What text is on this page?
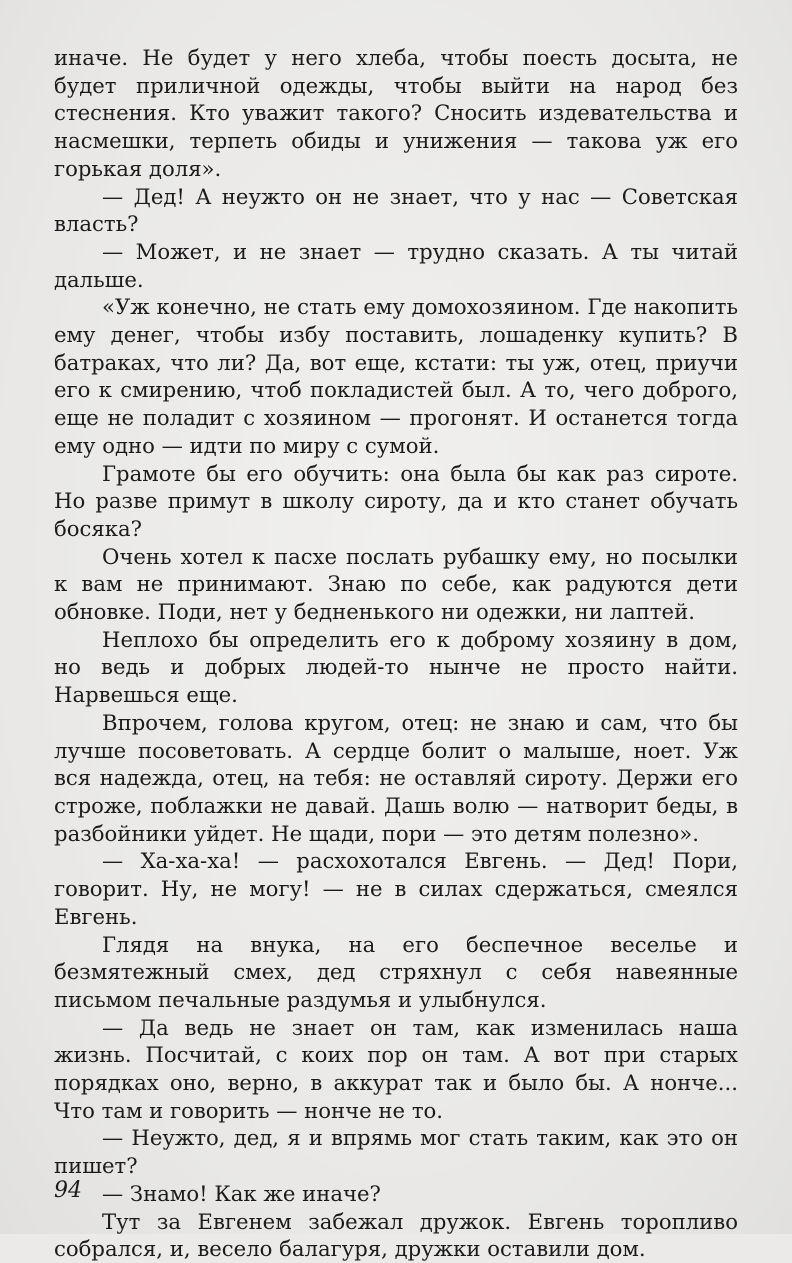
иначе. Не будет у него хлеба, чтобы поесть досыта, не будет приличной одежды, чтобы выйти на народ без стеснения. Кто уважит такого? Сносить издевательства и насмешки, терпеть обиды и унижения — такова уж его горькая доля».

— Дед! А неужто он не знает, что у нас — Советская власть?

— Может, и не знает — трудно сказать. А ты читай дальше.

«Уж конечно, не стать ему домохозяином. Где накопить ему денег, чтобы избу поставить, лошаденку купить? В батраках, что ли? Да, вот еще, кстати: ты уж, отец, приучи его к смирению, чтоб покладистей был. А то, чего доброго, еще не поладит с хозяином — прогонят. И останется тогда ему одно — идти по миру с сумой.

Грамоте бы его обучить: она была бы как раз сироте. Но разве примут в школу сироту, да и кто станет обучать босяка?

Очень хотел к пасхе послать рубашку ему, но посылки к вам не принимают. Знаю по себе, как радуются дети обновке. Поди, нет у бедненького ни одежки, ни лаптей.

Неплохо бы определить его к доброму хозяину в дом, но ведь и добрых людей-то нынче не просто найти. Нарвешься еще.

Впрочем, голова кругом, отец: не знаю и сам, что бы лучше посоветовать. А сердце болит о малыше, ноет. Уж вся надежда, отец, на тебя: не оставляй сироту. Держи его строже, поблажки не давай. Дашь волю — натворит беды, в разбойники уйдет. Не щади, пори — это детям полезно».

— Ха-ха-ха! — расхохотался Евгень. — Дед! Пори, говорит. Ну, не могу! — не в силах сдержаться, смеялся Евгень.

Глядя на внука, на его беспечное веселье и безмятежный смех, дед стряхнул с себя навеянные письмом печальные раздумья и улыбнулся.

— Да ведь не знает он там, как изменилась наша жизнь. Посчитай, с коих пор он там. А вот при старых порядках оно, верно, в аккурат так и было бы. А нонче... Что там и говорить — нонче не то.

— Неужто, дед, я и впрямь мог стать таким, как это он пишет?

— Знамо! Как же иначе?

Тут за Евгенем забежал дружок. Евгень торопливо собрался, и, весело балагуря, дружки оставили дом.

94
